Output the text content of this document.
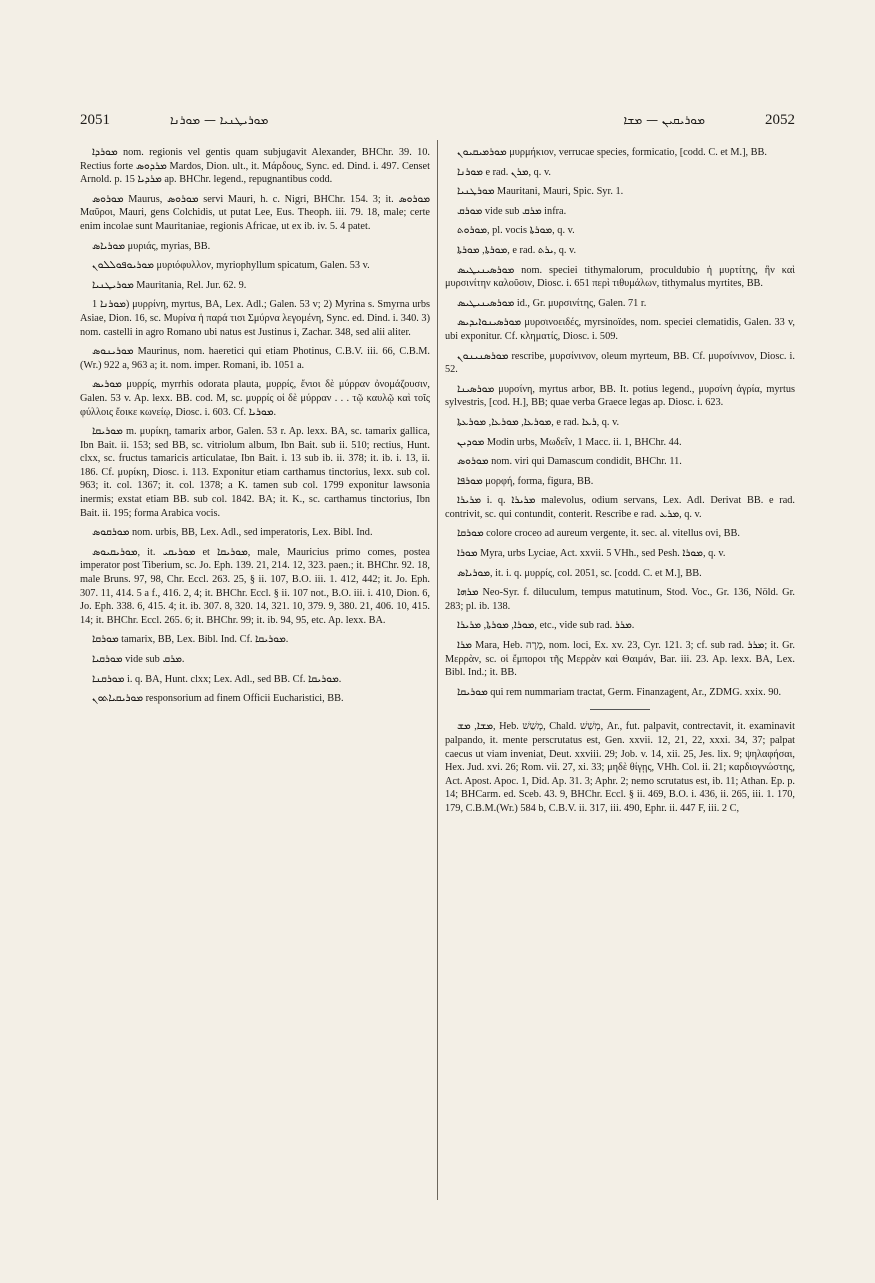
2051	ܡܘܪܝܛܢܝܐ — ܡܘܪܢܐ	ܡܘܪܝܩܝܢ — ܡܫܐ	2052

ܡܘܪܕܐ nom. regionis vel gentis quam subjugavit Alexander, BHChr. 39. 10. Rectius forte ܡܪܕܘܣ Mardos, Dion. ult., it. Μάρδους, Sync. ed. Dind. i. 497. Censet Arnold. p. 15 ܡܪܕܝܐ ap. BHChr. legend., repugnantibus codd.

ܡܘܪܘܣ Maurus, ܡܘܪܘܣ servi Mauri, h. c. Nigri, BHChr. 154. 3; it. ܡܘܪܘܣ Μαῦροι, Mauri, gens Colchidis, ut putat Lee, Eus. Theoph. iii. 79. 18, male; certe enim incolae sunt Mauritaniae, regionis Africae, ut ex ib. iv. 5. 4 patet.

ܡܘܪܝܐܣ μυριάς, myrias, BB.

ܡܘܪܝܘܦܘܠܠܘܢ μυριόφυλλον, myriophyllum spicatum, Galen. 53 v.

ܡܘܪܝܛܢܝܐ Mauritania, Rel. Jur. 62. 9.

ܡܘܪܢܐ 1) μυρρίνη, myrtus, BA, Lex. Adl.; Galen. 53 v; 2) Myrina s. Smyrna urbs Asiae, Dion. 16, sc. Μυρίνα ἡ παρά τισι Σμύρνα λεγομένη, Sync. ed. Dind. i. 340. 3) nom. castelli in agro Romano ubi natus est Justinus i, Zachar. 348, sed alii aliter.

ܡܘܪܝܢܘܣ Maurinus, nom. haeretici qui etiam Photinus, C.B.V. iii. 66, C.B.M.(Wr.) 922 a, 963 a; it. nom. imper. Romani, ib. 1051 a.

ܡܘܪܝܣ μυρρίς, myrrhis odorata plauta, μυρρίς, ἔνιοι δὲ μύρραν ὀνομάζουσιν, Galen. 53 v. Ap. lexx. BB. cod. M, sc. μυρρίς οἱ δὲ μύρραν . . . τῷ καυλῷ καὶ τοῖς φύλλοις ἔοικε κωνείῳ, Diosc. i. 603. Cf. ܡܘܪܝܐ.

ܡܘܪܝܩܐ m. μυρίκη, tamarix arbor, Galen. 53 r. Ap. lexx. BA, sc. tamarix gallica, Ibn Bait. ii. 153; sed BB, sc. vitriolum album, Ibn Bait. sub ii. 510; rectius, Hunt. clxx, sc. fructus tamaricis articulatae, Ibn Bait. i. 13 sub ib. ii. 378; it. ib. i. 13, ii. 186. Cf. μυρίκη, Diosc. i. 113. Exponitur etiam carthamus tinctorius, lexx. sub col. 963; it. col. 1367; it. col. 1378; a K. tamen sub col. 1799 exponitur lawsonia inermis; exstat etiam BB. sub col. 1842. BA; it. K., sc. carthamus tinctorius, Ibn Bait. ii. 195; forma Arabica vocis.

ܡܘܪܩܘܣ nom. urbis, BB, Lex. Adl., sed imperatoris, Lex. Bibl. Ind.

ܡܘܪܝܩܝܘܣ, it. ܡܘܪܝܩܝ et ܡܘܪܝܩܐ, male, Mauricius primo comes, postea imperator post Tiberium, sc. Jo. Eph. 139. 21, 214. 12, 323. paen.; it. BHChr. 92. 18, male Bruns. 97, 98, Chr. Eccl. 263. 25, § ii. 107, B.O. iii. 1. 412, 442; it. Jo. Eph. 307. 11, 414. 5 a f., 416. 2, 4; it. BHChr. Eccl. § ii. 107 not., B.O. iii. i. 410, Dion. 6, Jo. Eph. 338. 6, 415. 4; it. ib. 307. 8, 320. 14, 321. 10, 379. 9, 380. 21, 406. 10, 415. 14; it. BHChr. Eccl. 265. 6; it. BHChr. 99; it. ib. 94, 95, etc. Ap. lexx. BA.

ܡܘܪܩܐ tamarix, BB, Lex. Bibl. Ind. Cf. ܡܘܪܝܩܐ.

ܡܘܪܩܝܐ vide sub ܡܪܩ.

ܡܘܪܩܢܐ i. q. BA, Hunt. clxx; Lex. Adl., sed BB. Cf. ܡܘܪܝܩܐ.

ܡܘܪܝܩܝܐܬܘܢ responsorium ad finem Officii Eucharistici, BB.

ܡܘܪܡܝܩܝܘܢ μυρμήκιον, verrucae species, formicatio, [codd. C. et M.], BB.

ܡܘܪܢܐ e rad. ܡܪܢ, q. v.

ܡܘܪܛܢܝܐ Mauritani, Mauri, Spic. Syr. 1.

ܡܘܪܩ vide sub ܡܪܩ infra.

ܡܘܪܘܬ, pl. vocis ܡܘܪܬܐ, q. v.

ܡܘܪܬܐ, ܡܘܪܬܐ, e rad. ܝܪܬ, q. v.

ܡܘܪܣܝܢܝܛܝܣ nom. speciei tithymalorum, proculdubio ἡ μυρτίτης, ἣν καὶ μυρσινίτην καλοῦσιν, Diosc. i. 651 περὶ τιθυμάλων, tithymalus myrtites, BB.

ܡܘܪܣܝܢܝܛܝܣ id., Gr. μυρσινίτης, Galen. 71 r.

ܡܘܪܣܝܢܘܐܝܕܝܣ μυρσινοειδές, myrsinoïdes, nom. speciei clematidis, Galen. 33 v, ubi exponitur. Cf. κληματίς, Diosc. i. 509.

ܡܘܪܣܢܝܢܘܢ rescribe, μυρσίνινον, oleum myrteum, BB. Cf. μυρσίνινον, Diosc. i. 52.

ܡܘܪܣܝܢܐ μυρσίνη, myrtus arbor, BB. It. potius legend., μυρσίνη ἀγρία, myrtus sylvestris, [cod. H.], BB; quae verba Graece legas ap. Diosc. i. 623.

ܡܘܪܥܐ, ܡܘܪܥܐ, ܡܘܪܥܬܐ, e rad. ܪܥܐ, q. v.

ܡܘܕܝܢ Modin urbs, Μωδεΐν, 1 Macc. ii. 1, BHChr. 44.

ܡܘܪܘܣ nom. viri qui Damascum condidit, BHChr. 11.

ܡܘܪܦܐ μορφή, forma, figura, BB.

ܡܪܝܪܐ i. q. ܡܪܝܪܐ malevolus, odium servans, Lex. Adl. Derivat BB. e rad. contrivit, sc. qui contundit, conterit. Rescribe e rad. ܡܪܥ, q. v.

ܡܘܪܩܐ colore croceo ad aureum vergente, it. sec. al. vitellus ovi, BB.

ܡܘܪܐ Myra, urbs Lyciae, Act. xxvii. 5 VHh., sed Pesh. ܡܘܪܐ, q. v.

ܡܘܪܝܐܣ, it. i. q. μυρρίς, col. 2051, sc. [codd. C. et M.], BB.

ܡܪܗܐ Neo-Syr. f. diluculum, tempus matutinum, Stod. Voc., Gr. 136, Nöld. Gr. 283; pl. ib. 138.

ܡܘܪܐ, ܡܘܪܬܐ, ܡܪܝܪܐ, etc., vide sub rad. ܡܪܪ.

ܡܪܐ Mara, Heb. מָרָה, nom. loci, Ex. xv. 23, Cyr. 121. 3; cf. sub rad. ܡܪܪ; it. Gr. Μερρὰν, sc. οἱ ἔμποροι τῆς Μερρὰν καὶ Θαιμάν, Bar. iii. 23. Ap. lexx. BA, Lex. Bibl. Ind.; it. BB.

ܡܘܪܝܩܐ qui rem nummariam tractat, Germ. Finanzagent, Ar., ZDMG. xxix. 90.

ܡܫܐ, ܡܫ, Heb. מָשַׁשׁ, Chald. מְשַׁשׁ, Ar., fut. palpavit, contrectavit, it. examinavit palpando, it. mente perscrutatus est, Gen. xxvii. 12, 21, 22, xxxi. 34, 37; palpat caecus ut viam inveniat, Deut. xxviii. 29; Job. v. 14, xii. 25, Jes. lix. 9; ψηλαφήσαι, Hex. Jud. xvi. 26; Rom. vii. 27, xi. 33; μηδὲ θίγῃς, VHh. Col. ii. 21; καρδιογνώστης, Act. Apost. Apoc. 1, Did. Ap. 31. 3; Aphr. 2; nemo scrutatus est, ib. 11; Athan. Ep. p. 14; BHCarm. ed. Sceb. 43. 9, BHChr. Eccl. § ii. 469, B.O. i. 436, ii. 265, iii. 1. 170, 179, C.B.M.(Wr.) 584 b, C.B.V. ii. 317, iii. 490, Ephr. ii. 447 F, iii. 2 C,
